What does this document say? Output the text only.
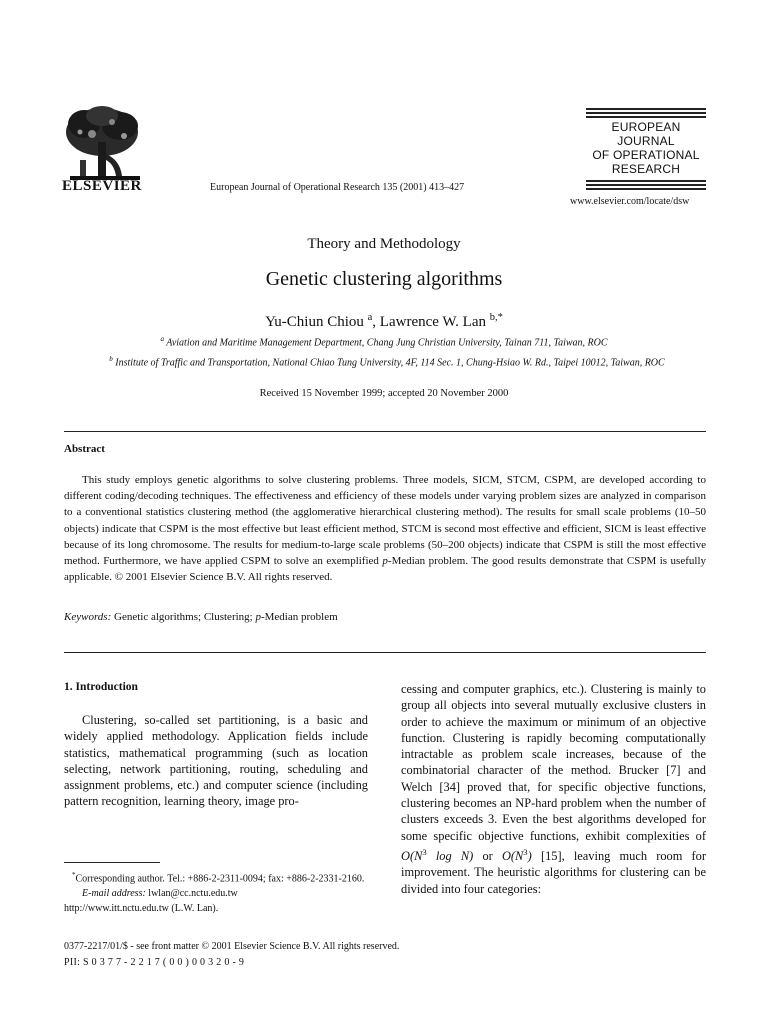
ELSEVIER	European Journal of Operational Research 135 (2001) 413–427
EUROPEAN
JOURNAL
OF OPERATIONAL
RESEARCH
www.elsevier.com/locate/dsw
Theory and Methodology
Genetic clustering algorithms
Yu-Chiun Chiou $^a$, Lawrence W. Lan $^{b,*}$
$^a$ Aviation and Maritime Management Department, Chang Jung Christian University, Tainan 711, Taiwan, ROC
$^b$ Institute of Traffic and Transportation, National Chiao Tung University, 4F, 114 Sec. 1, Chung-Hsiao W. Rd., Taipei 10012, Taiwan, ROC
Received 15 November 1999; accepted 20 November 2000
Abstract
This study employs genetic algorithms to solve clustering problems. Three models, SICM, STCM, CSPM, are developed according to different coding/decoding techniques. The effectiveness and efficiency of these models under varying problem sizes are analyzed in comparison to a conventional statistics clustering method (the agglomerative hierarchical clustering method). The results for small scale problems (10–50 objects) indicate that CSPM is the most effective but least efficient method, STCM is second most effective and efficient, SICM is least effective because of its long chromosome. The results for medium-to-large scale problems (50–200 objects) indicate that CSPM is still the most effective method. Furthermore, we have applied CSPM to solve an exemplified p-Median problem. The good results demonstrate that CSPM is usefully applicable. © 2001 Elsevier Science B.V. All rights reserved.
Keywords: Genetic algorithms; Clustering; p-Median problem
1. Introduction
Clustering, so-called set partitioning, is a basic and widely applied methodology. Application fields include statistics, mathematical programming (such as location selecting, network partitioning, routing, scheduling and assignment problems, etc.) and computer science (including pattern recognition, learning theory, image pro-
*Corresponding author. Tel.: +886-2-2311-0094; fax: +886-2-2331-2160.
E-mail address: lwlan@cc.nctu.edu.tw
http://www.itt.nctu.edu.tw (L.W. Lan).
cessing and computer graphics, etc.). Clustering is mainly to group all objects into several mutually exclusive clusters in order to achieve the maximum or minimum of an objective function. Clustering is rapidly becoming computationally intractable as problem scale increases, because of the combinatorial character of the method. Brucker [7] and Welch [34] proved that, for specific objective functions, clustering becomes an NP-hard problem when the number of clusters exceeds 3. Even the best algorithms developed for some specific objective functions, exhibit complexities of $O(N^3$ log N) or $O(N^3)$ [15], leaving much room for improvement. The heuristic algorithms for clustering can be divided into four categories:
0377-2217/01/$ - see front matter © 2001 Elsevier Science B.V. All rights reserved.
PII: S 0 3 7 7 - 2 2 1 7 ( 0 0 ) 0 0 3 2 0 - 9
